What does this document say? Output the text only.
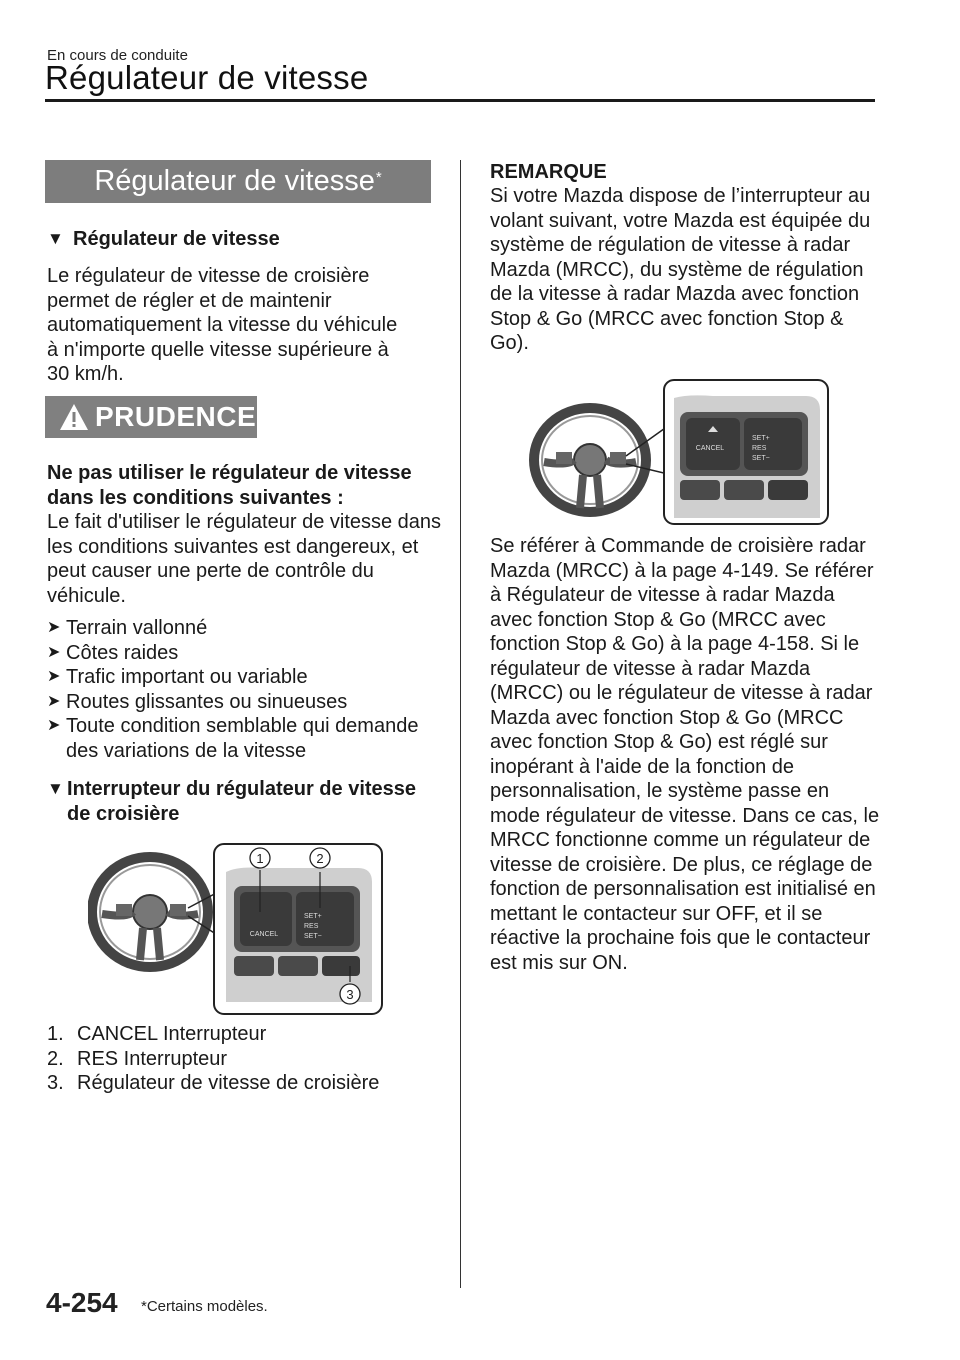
En cours de conduite
Régulateur de vitesse
Régulateur de vitesse*
▼ Régulateur de vitesse
Le régulateur de vitesse de croisière permet de régler et de maintenir automatiquement la vitesse du véhicule à n'importe quelle vitesse supérieure à 30 km/h.
PRUDENCE
Ne pas utiliser le régulateur de vitesse dans les conditions suivantes :
Le fait d'utiliser le régulateur de vitesse dans les conditions suivantes est dangereux, et peut causer une perte de contrôle du véhicule.
➤ Terrain vallonné
➤ Côtes raides
➤ Trafic important ou variable
➤ Routes glissantes ou sinueuses
➤ Toute condition semblable qui demande des variations de la vitesse
▼ Interrupteur du régulateur de vitesse de croisière
CANCEL
SET+
RES
SET−
1	2
3
1. CANCEL Interrupteur
2. RES Interrupteur
3. Régulateur de vitesse de croisière
REMARQUE
Si votre Mazda dispose de l’interrupteur au volant suivant, votre Mazda est équipée du système de régulation de vitesse à radar Mazda (MRCC), du système de régulation de la vitesse à radar Mazda avec fonction Stop & Go (MRCC avec fonction Stop & Go).
CANCEL
SET+
RES
SET−
Se référer à Commande de croisière radar Mazda (MRCC) à la page 4-149. Se référer à Régulateur de vitesse à radar Mazda avec fonction Stop & Go (MRCC avec fonction Stop & Go) à la page 4-158. Si le régulateur de vitesse à radar Mazda (MRCC) ou le régulateur de vitesse à radar Mazda avec fonction Stop & Go (MRCC avec fonction Stop & Go) est réglé sur inopérant à l'aide de la fonction de personnalisation, le système passe en mode régulateur de vitesse. Dans ce cas, le MRCC fonctionne comme un régulateur de vitesse de croisière. De plus, ce réglage de fonction de personnalisation est initialisé en mettant le contacteur sur OFF, et il se réactive la prochaine fois que le contacteur est mis sur ON.
4-254 *Certains modèles.
